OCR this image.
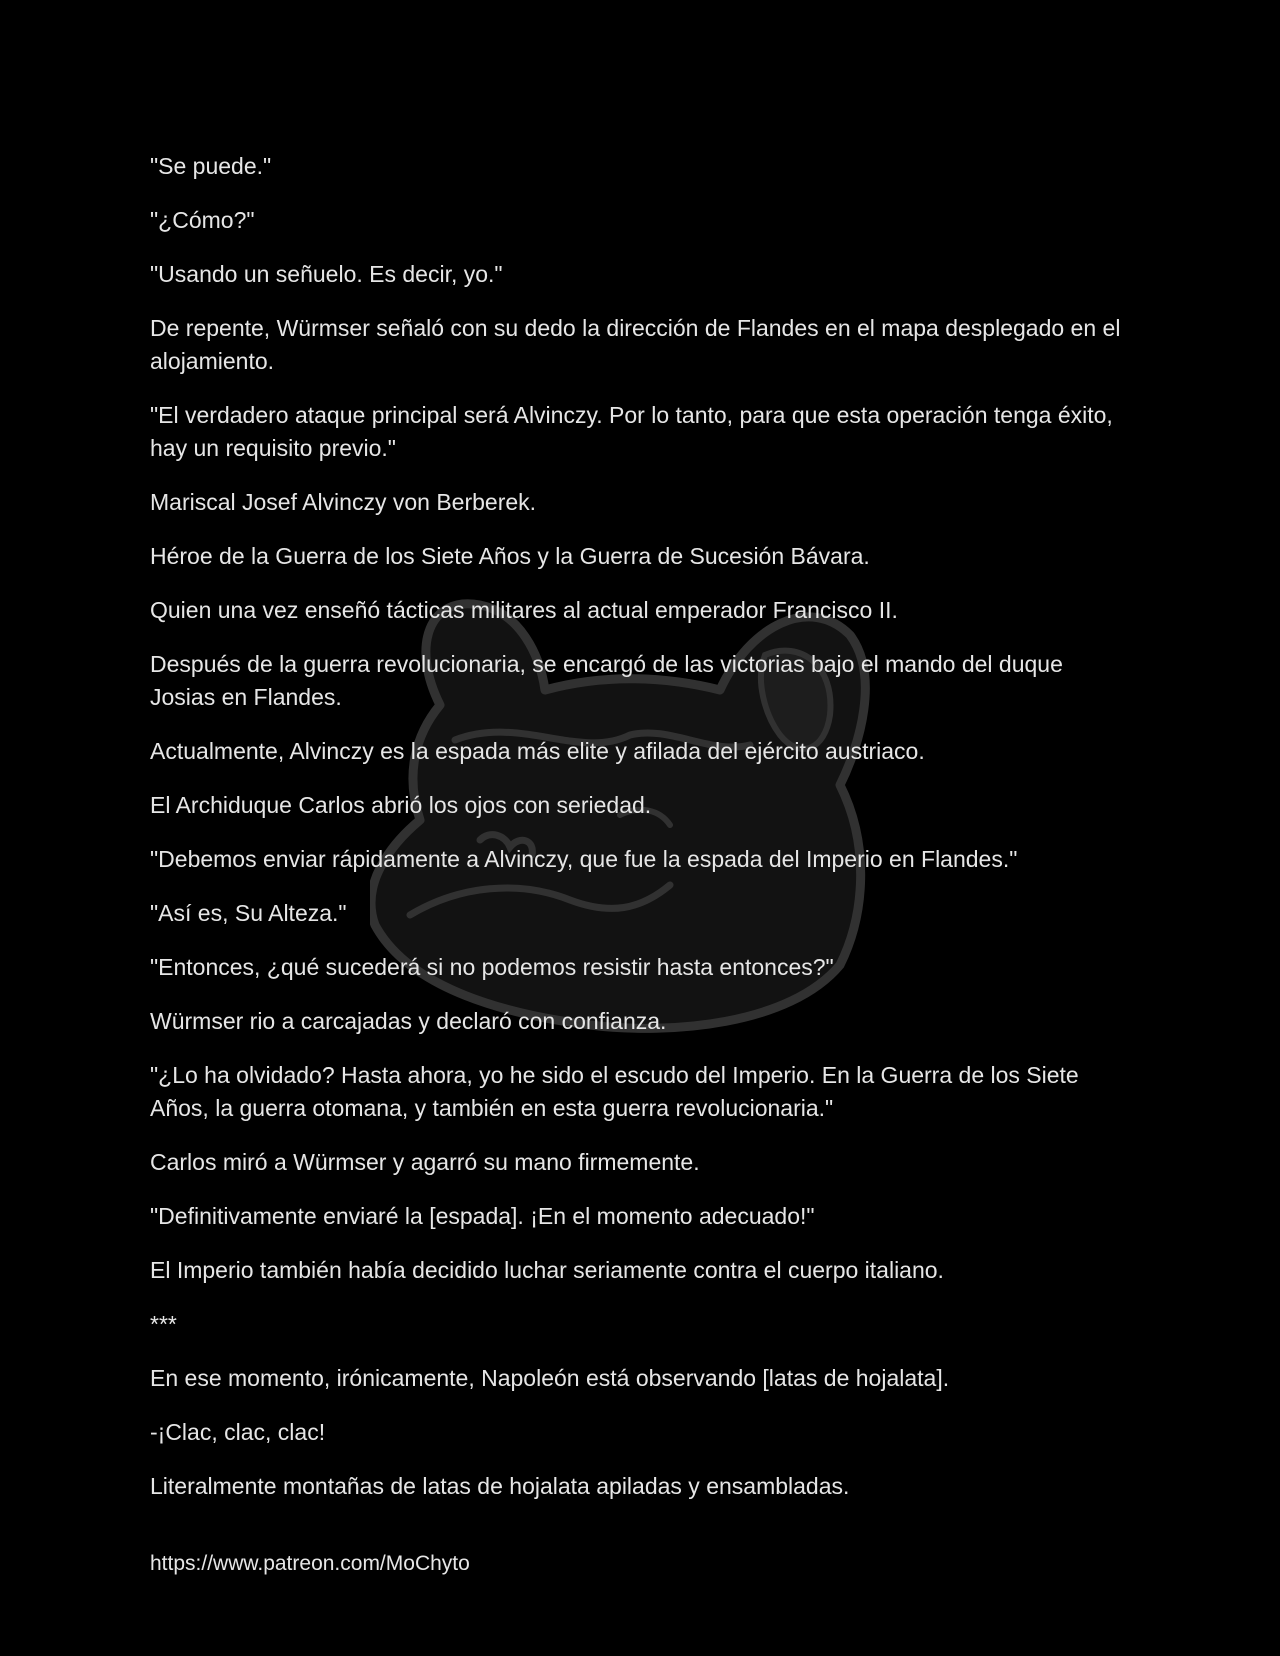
"Se puede."

"¿Cómo?"

"Usando un señuelo. Es decir, yo."

De repente, Würmser señaló con su dedo la dirección de Flandes en el mapa desplegado en el alojamiento.

"El verdadero ataque principal será Alvinczy. Por lo tanto, para que esta operación tenga éxito, hay un requisito previo."

Mariscal Josef Alvinczy von Berberek.

Héroe de la Guerra de los Siete Años y la Guerra de Sucesión Bávara.

Quien una vez enseñó tácticas militares al actual emperador Francisco II.

Después de la guerra revolucionaria, se encargó de las victorias bajo el mando del duque Josias en Flandes.

Actualmente, Alvinczy es la espada más elite y afilada del ejército austriaco.

El Archiduque Carlos abrió los ojos con seriedad.

"Debemos enviar rápidamente a Alvinczy, que fue la espada del Imperio en Flandes."

"Así es, Su Alteza."

"Entonces, ¿qué sucederá si no podemos resistir hasta entonces?"

Würmser rio a carcajadas y declaró con confianza.

"¿Lo ha olvidado? Hasta ahora, yo he sido el escudo del Imperio. En la Guerra de los Siete Años, la guerra otomana, y también en esta guerra revolucionaria."

Carlos miró a Würmser y agarró su mano firmemente.

"Definitivamente enviaré la [espada]. ¡En el momento adecuado!"

El Imperio también había decidido luchar seriamente contra el cuerpo italiano.

***

En ese momento, irónicamente, Napoleón está observando [latas de hojalata].

-¡Clac, clac, clac!

Literalmente montañas de latas de hojalata apiladas y ensambladas.

https://www.patreon.com/MoChyto
